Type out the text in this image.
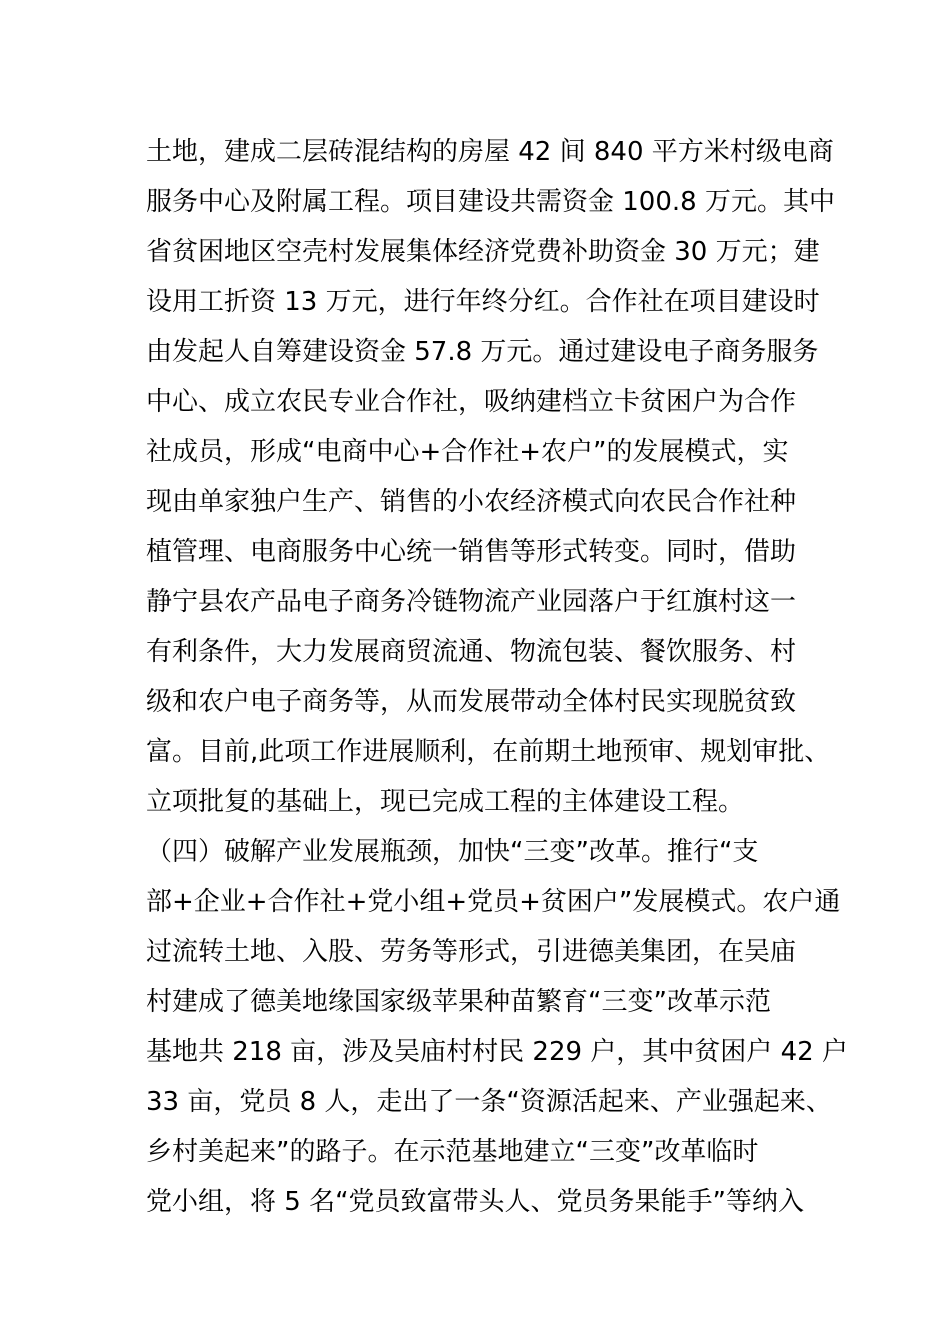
土地，建成二层砖混结构的房屋 42 间 840 平方米村级电商
服务中心及附属工程。项目建设共需资金 100.8 万元。其中
省贫困地区空壳村发展集体经济党费补助资金 30 万元；建
设用工折资 13 万元，进行年终分红。合作社在项目建设时
由发起人自筹建设资金 57.8 万元。通过建设电子商务服务
中心、成立农民专业合作社，吸纳建档立卡贫困户为合作
社成员，形成“电商中心+合作社+农户”的发展模式，实
现由单家独户生产、销售的小农经济模式向农民合作社种
植管理、电商服务中心统一销售等形式转变。同时，借助
静宁县农产品电子商务冷链物流产业园落户于红旗村这一
有利条件，大力发展商贸流通、物流包装、餐饮服务、村
级和农户电子商务等，从而发展带动全体村民实现脱贫致
富。目前,此项工作进展顺利，在前期土地预审、规划审批、
立项批复的基础上，现已完成工程的主体建设工程。
（四）破解产业发展瓶颈，加快“三变”改革。推行“支
部+企业+合作社+党小组+党员+贫困户”发展模式。农户通
过流转土地、入股、劳务等形式，引进德美集团，在吴庙
村建成了德美地缘国家级苹果种苗繁育“三变”改革示范
基地共 218 亩，涉及吴庙村村民 229 户，其中贫困户 42 户
33 亩，党员 8 人，走出了一条“资源活起来、产业强起来、
乡村美起来”的路子。在示范基地建立“三变”改革临时
党小组，将 5 名“党员致富带头人、党员务果能手”等纳入
